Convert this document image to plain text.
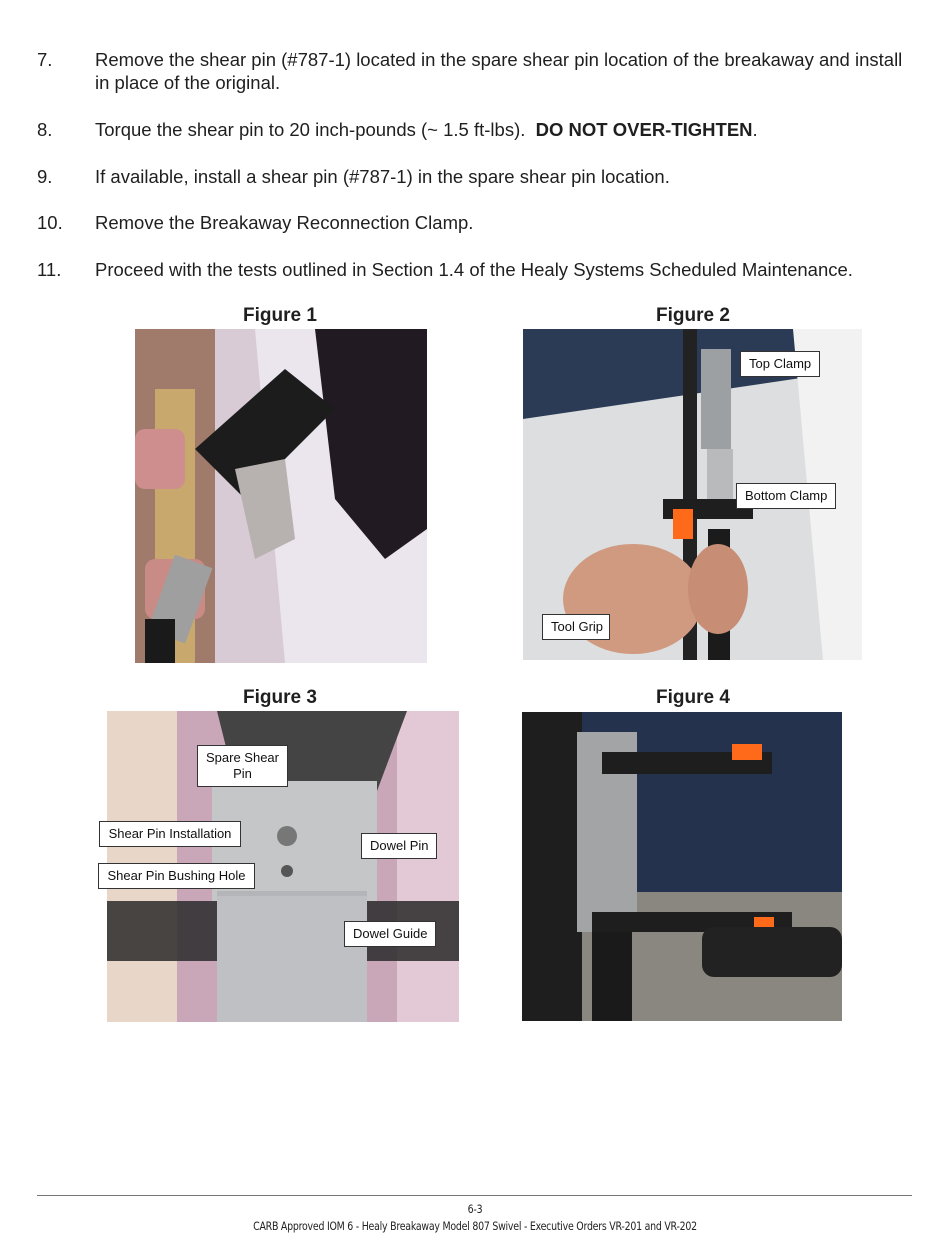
7. Remove the shear pin (#787-1) located in the spare shear pin location of the breakaway and install in place of the original.
8. Torque the shear pin to 20 inch-pounds (~ 1.5 ft-lbs). DO NOT OVER-TIGHTEN.
9. If available, install a shear pin (#787-1) in the spare shear pin location.
10. Remove the Breakaway Reconnection Clamp.
11. Proceed with the tests outlined in Section 1.4 of the Healy Systems Scheduled Maintenance.
Figure 1	Figure 2
Top Clamp
Bottom Clamp
Tool Grip
Figure 3
Spare Shear Pin
Shear Pin Installation
Shear Pin Bushing Hole
Dowel Pin
Dowel Guide
Figure 4
6-3
CARB Approved IOM 6 - Healy Breakaway Model 807 Swivel - Executive Orders VR-201 and VR-202
